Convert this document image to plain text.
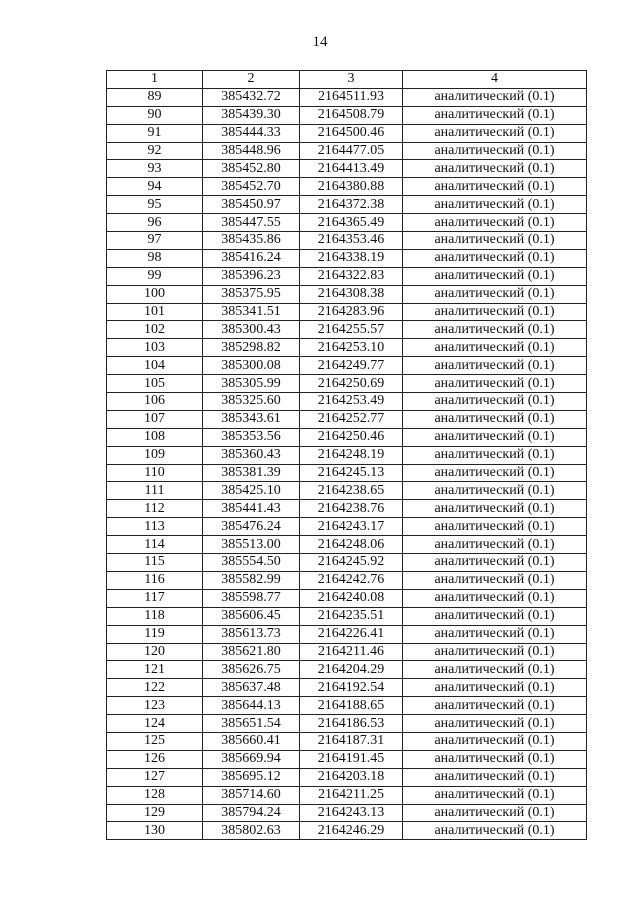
14
1	2	3	4
89	385432.72	2164511.93	аналитический (0.1)
90	385439.30	2164508.79	аналитический (0.1)
91	385444.33	2164500.46	аналитический (0.1)
92	385448.96	2164477.05	аналитический (0.1)
93	385452.80	2164413.49	аналитический (0.1)
94	385452.70	2164380.88	аналитический (0.1)
95	385450.97	2164372.38	аналитический (0.1)
96	385447.55	2164365.49	аналитический (0.1)
97	385435.86	2164353.46	аналитический (0.1)
98	385416.24	2164338.19	аналитический (0.1)
99	385396.23	2164322.83	аналитический (0.1)
100	385375.95	2164308.38	аналитический (0.1)
101	385341.51	2164283.96	аналитический (0.1)
102	385300.43	2164255.57	аналитический (0.1)
103	385298.82	2164253.10	аналитический (0.1)
104	385300.08	2164249.77	аналитический (0.1)
105	385305.99	2164250.69	аналитический (0.1)
106	385325.60	2164253.49	аналитический (0.1)
107	385343.61	2164252.77	аналитический (0.1)
108	385353.56	2164250.46	аналитический (0.1)
109	385360.43	2164248.19	аналитический (0.1)
110	385381.39	2164245.13	аналитический (0.1)
111	385425.10	2164238.65	аналитический (0.1)
112	385441.43	2164238.76	аналитический (0.1)
113	385476.24	2164243.17	аналитический (0.1)
114	385513.00	2164248.06	аналитический (0.1)
115	385554.50	2164245.92	аналитический (0.1)
116	385582.99	2164242.76	аналитический (0.1)
117	385598.77	2164240.08	аналитический (0.1)
118	385606.45	2164235.51	аналитический (0.1)
119	385613.73	2164226.41	аналитический (0.1)
120	385621.80	2164211.46	аналитический (0.1)
121	385626.75	2164204.29	аналитический (0.1)
122	385637.48	2164192.54	аналитический (0.1)
123	385644.13	2164188.65	аналитический (0.1)
124	385651.54	2164186.53	аналитический (0.1)
125	385660.41	2164187.31	аналитический (0.1)
126	385669.94	2164191.45	аналитический (0.1)
127	385695.12	2164203.18	аналитический (0.1)
128	385714.60	2164211.25	аналитический (0.1)
129	385794.24	2164243.13	аналитический (0.1)
130	385802.63	2164246.29	аналитический (0.1)
